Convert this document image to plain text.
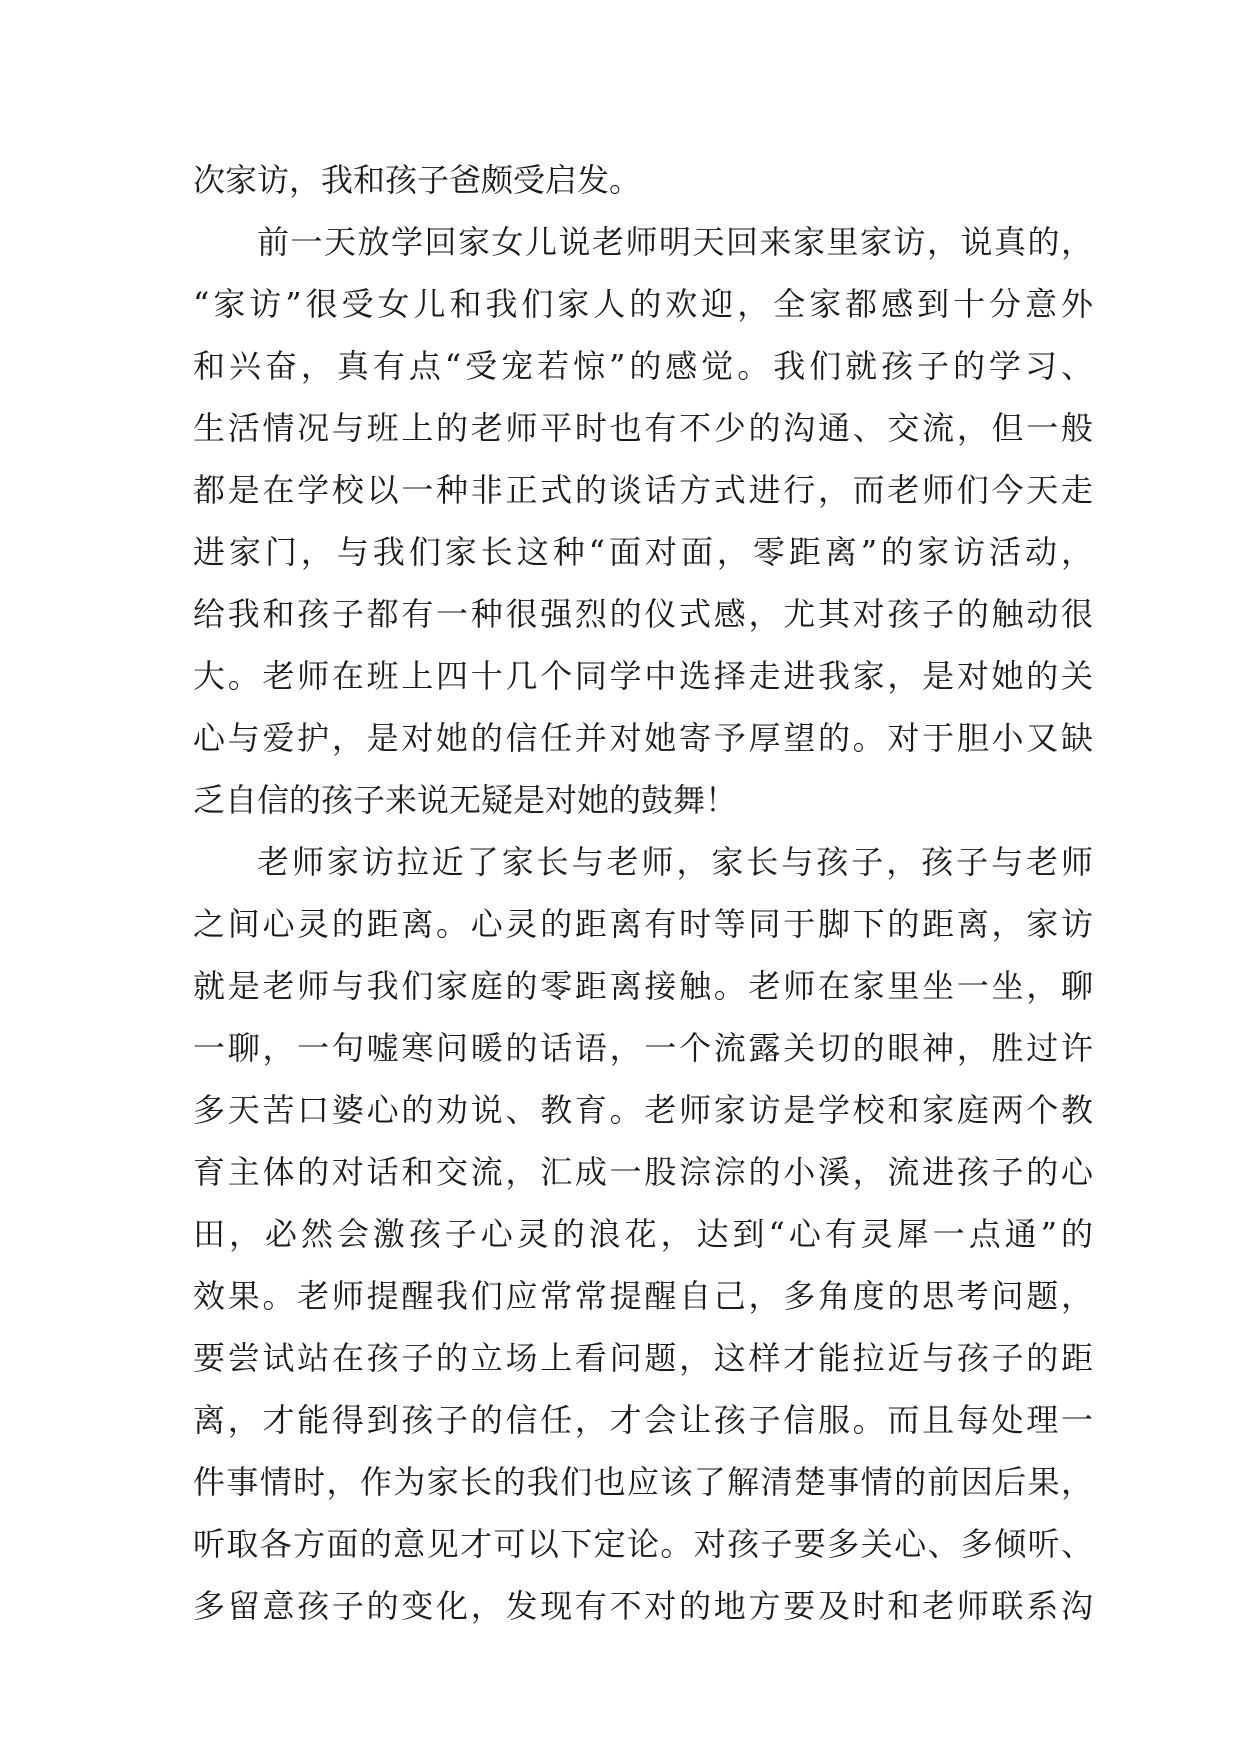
次家访，我和孩子爸颇受启发。
前一天放学回家女儿说老师明天回来家里家访，说真的，
“家访”很受女儿和我们家人的欢迎，全家都感到十分意外
和兴奋，真有点“受宠若惊”的感觉。我们就孩子的学习、
生活情况与班上的老师平时也有不少的沟通、交流，但一般
都是在学校以一种非正式的谈话方式进行，而老师们今天走
进家门，与我们家长这种“面对面，零距离”的家访活动，
给我和孩子都有一种很强烈的仪式感，尤其对孩子的触动很
大。老师在班上四十几个同学中选择走进我家，是对她的关
心与爱护，是对她的信任并对她寄予厚望的。对于胆小又缺
乏自信的孩子来说无疑是对她的鼓舞！
老师家访拉近了家长与老师，家长与孩子，孩子与老师
之间心灵的距离。心灵的距离有时等同于脚下的距离，家访
就是老师与我们家庭的零距离接触。老师在家里坐一坐，聊
一聊，一句嘘寒问暖的话语，一个流露关切的眼神，胜过许
多天苦口婆心的劝说、教育。老师家访是学校和家庭两个教
育主体的对话和交流，汇成一股淙淙的小溪，流进孩子的心
田，必然会激孩子心灵的浪花，达到“心有灵犀一点通”的
效果。老师提醒我们应常常提醒自己，多角度的思考问题，
要尝试站在孩子的立场上看问题，这样才能拉近与孩子的距
离，才能得到孩子的信任，才会让孩子信服。而且每处理一
件事情时，作为家长的我们也应该了解清楚事情的前因后果，
听取各方面的意见才可以下定论。对孩子要多关心、多倾听、
多留意孩子的变化，发现有不对的地方要及时和老师联系沟
